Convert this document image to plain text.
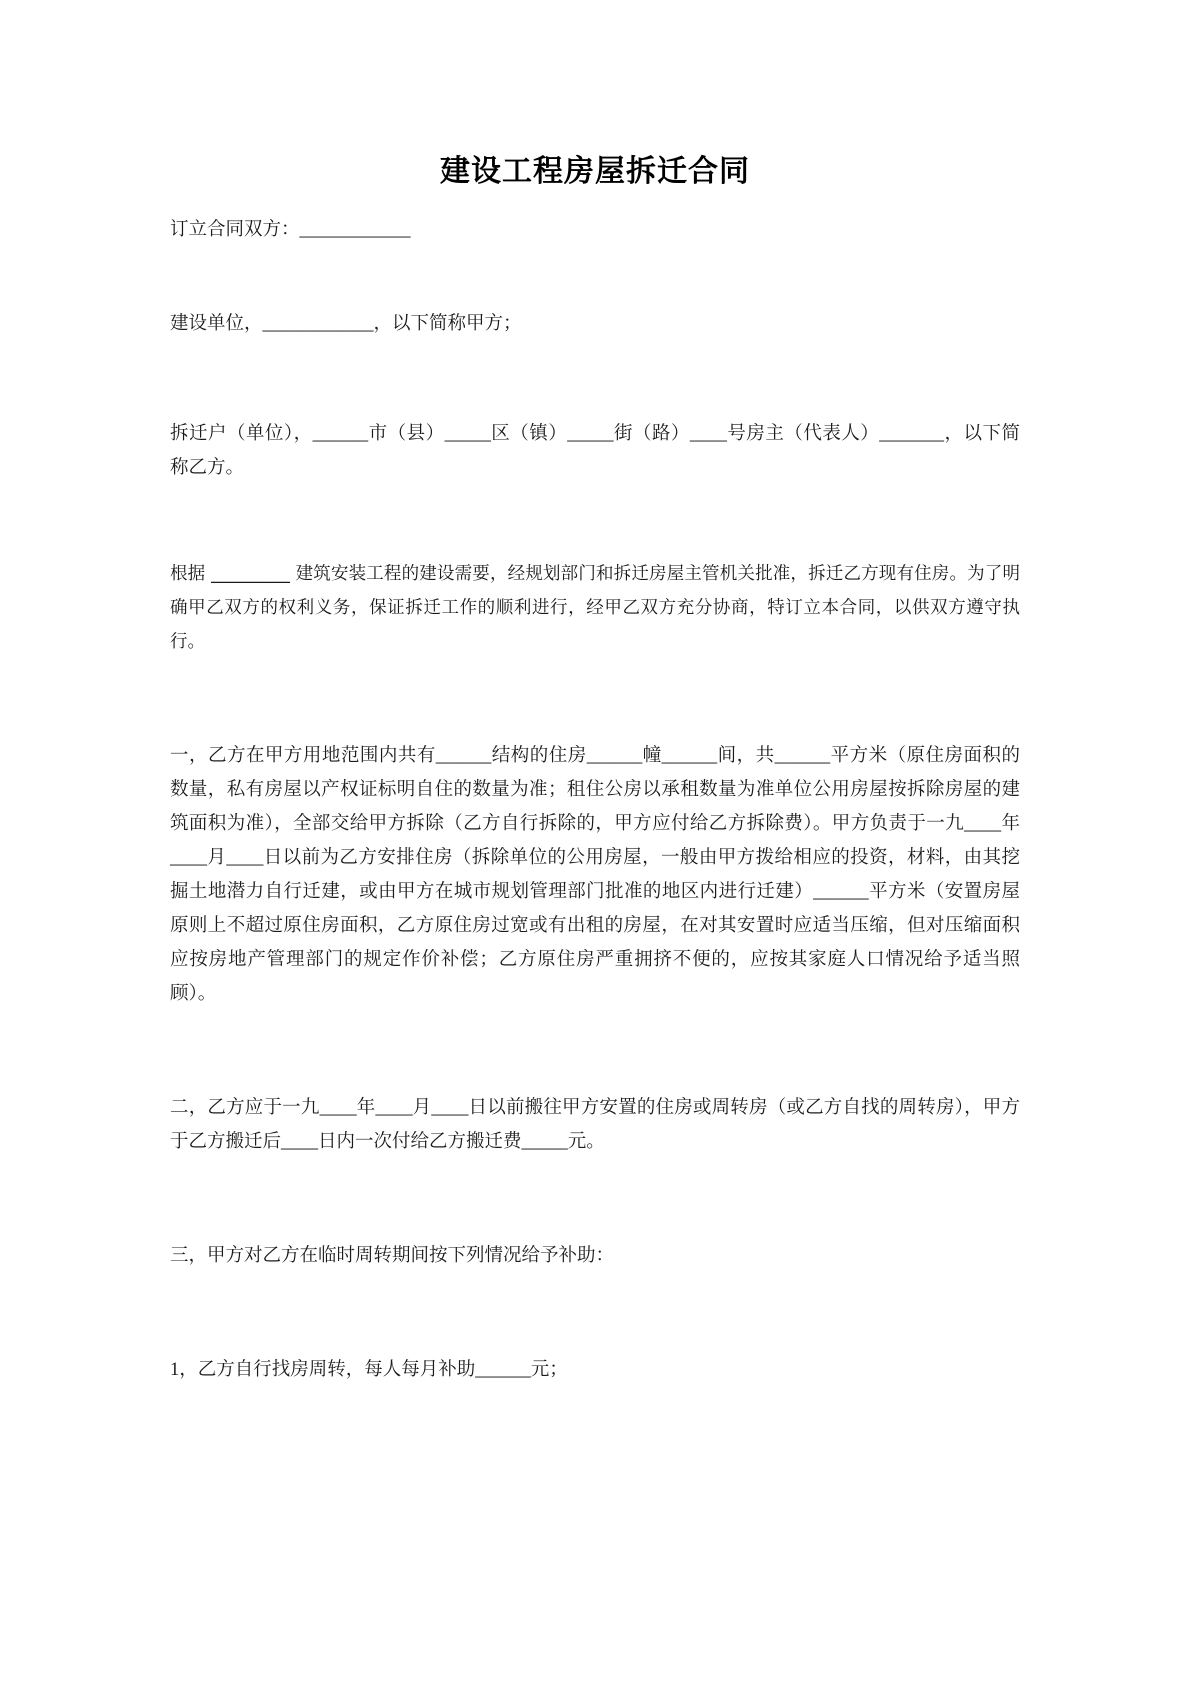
建设工程房屋拆迁合同

订立合同双方：____________

建设单位，____________，以下简称甲方；

拆迁户（单位），______市（县）_____区（镇）_____街（路）____号房主（代表人）_______，以下简称乙方。

根据 _________ 建筑安装工程的建设需要，经规划部门和拆迁房屋主管机关批准，拆迁乙方现有住房。为了明确甲乙双方的权利义务，保证拆迁工作的顺利进行，经甲乙双方充分协商，特订立本合同，以供双方遵守执行。

一，乙方在甲方用地范围内共有______结构的住房______幢______间，共______平方米（原住房面积的数量，私有房屋以产权证标明自住的数量为准；租住公房以承租数量为准单位公用房屋按拆除房屋的建筑面积为准），全部交给甲方拆除（乙方自行拆除的，甲方应付给乙方拆除费）。甲方负责于一九____年____月____日以前为乙方安排住房（拆除单位的公用房屋，一般由甲方拨给相应的投资，材料，由其挖掘土地潜力自行迁建，或由甲方在城市规划管理部门批准的地区内进行迁建）______平方米（安置房屋原则上不超过原住房面积，乙方原住房过宽或有出租的房屋，在对其安置时应适当压缩，但对压缩面积应按房地产管理部门的规定作价补偿；乙方原住房严重拥挤不便的，应按其家庭人口情况给予适当照顾）。

二，乙方应于一九____年____月____日以前搬往甲方安置的住房或周转房（或乙方自找的周转房），甲方于乙方搬迁后____日内一次付给乙方搬迁费_____元。

三，甲方对乙方在临时周转期间按下列情况给予补助：

1，乙方自行找房周转，每人每月补助______元；
